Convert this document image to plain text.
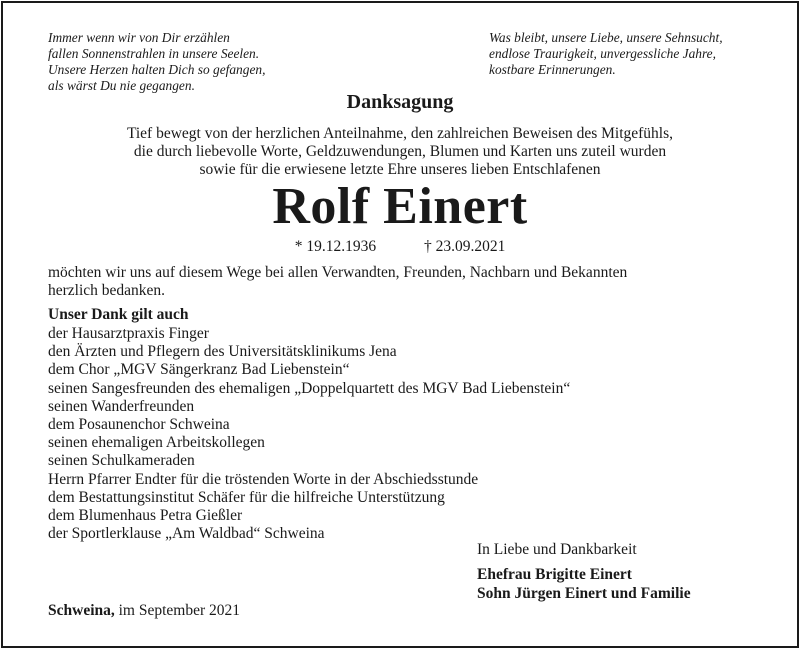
Immer wenn wir von Dir erzählen
fallen Sonnenstrahlen in unsere Seelen.
Unsere Herzen halten Dich so gefangen,
als wärst Du nie gegangen.
Was bleibt, unsere Liebe, unsere Sehnsucht,
endlose Traurigkeit, unvergessliche Jahre,
kostbare Erinnerungen.
Danksagung
Tief bewegt von der herzlichen Anteilnahme, den zahlreichen Beweisen des Mitgefühls,
die durch liebevolle Worte, Geldzuwendungen, Blumen und Karten uns zuteil wurden
sowie für die erwiesene letzte Ehre unseres lieben Entschlafenen
Rolf Einert
* 19.12.1936	† 23.09.2021
möchten wir uns auf diesem Wege bei allen Verwandten, Freunden, Nachbarn und Bekannten
herzlich bedanken.
Unser Dank gilt auch
der Hausarztpraxis Finger
den Ärzten und Pflegern des Universitätsklinikums Jena
dem Chor „MGV Sängerkranz Bad Liebenstein“
seinen Sangesfreunden des ehemaligen „Doppelquartett des MGV Bad Liebenstein“
seinen Wanderfreunden
dem Posaunenchor Schweina
seinen ehemaligen Arbeitskollegen
seinen Schulkameraden
Herrn Pfarrer Endter für die tröstenden Worte in der Abschiedsstunde
dem Bestattungsinstitut Schäfer für die hilfreiche Unterstützung
dem Blumenhaus Petra Gießler
der Sportlerklause „Am Waldbad“ Schweina
In Liebe und Dankbarkeit
Ehefrau Brigitte Einert
Sohn Jürgen Einert und Familie
Schweina, im September 2021
